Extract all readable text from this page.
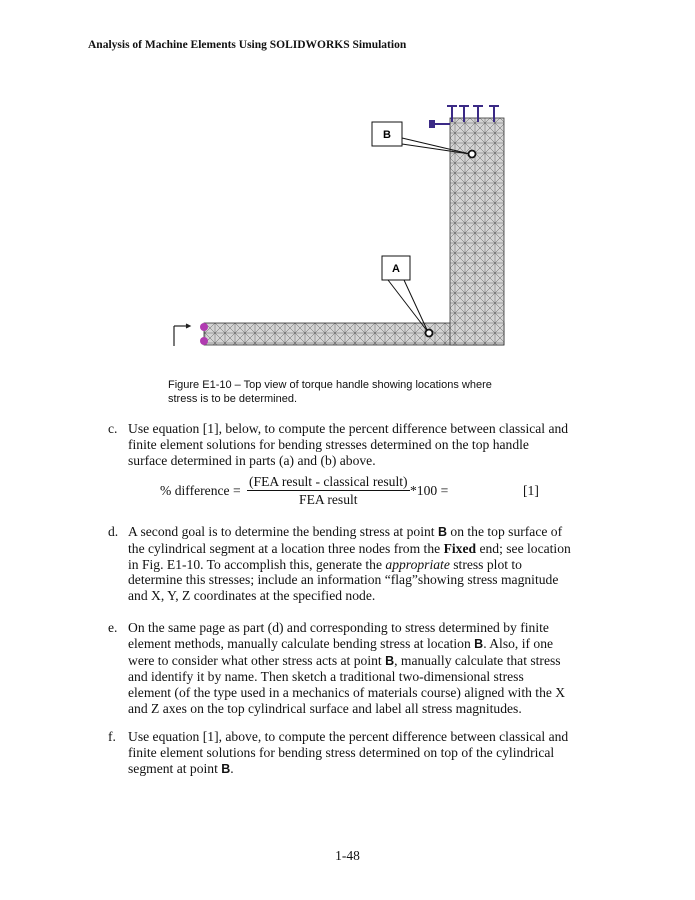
Analysis of Machine Elements Using SOLIDWORKS Simulation
B
A
Figure E1-10 – Top view of torque handle showing locations where
stress is to be determined.
c. Use equation [1], below, to compute the percent difference between classical and
finite element solutions for bending stresses determined on the top handle
surface determined in parts (a) and (b) above.
% difference =
(FEA result - classical result)
FEA result
*100 =	[1]
d. A second goal is to determine the bending stress at point B on the top surface of
the cylindrical segment at a location three nodes from the Fixed end; see location
in Fig. E1-10. To accomplish this, generate the appropriate stress plot to
determine this stresses; include an information “flag”showing stress magnitude
and X, Y, Z coordinates at the specified node.
e. On the same page as part (d) and corresponding to stress determined by finite
element methods, manually calculate bending stress at location B. Also, if one
were to consider what other stress acts at point B, manually calculate that stress
and identify it by name. Then sketch a traditional two-dimensional stress
element (of the type used in a mechanics of materials course) aligned with the X
and Z axes on the top cylindrical surface and label all stress magnitudes.
f. Use equation [1], above, to compute the percent difference between classical and
finite element solutions for bending stress determined on top of the cylindrical
segment at point B.
1-48
